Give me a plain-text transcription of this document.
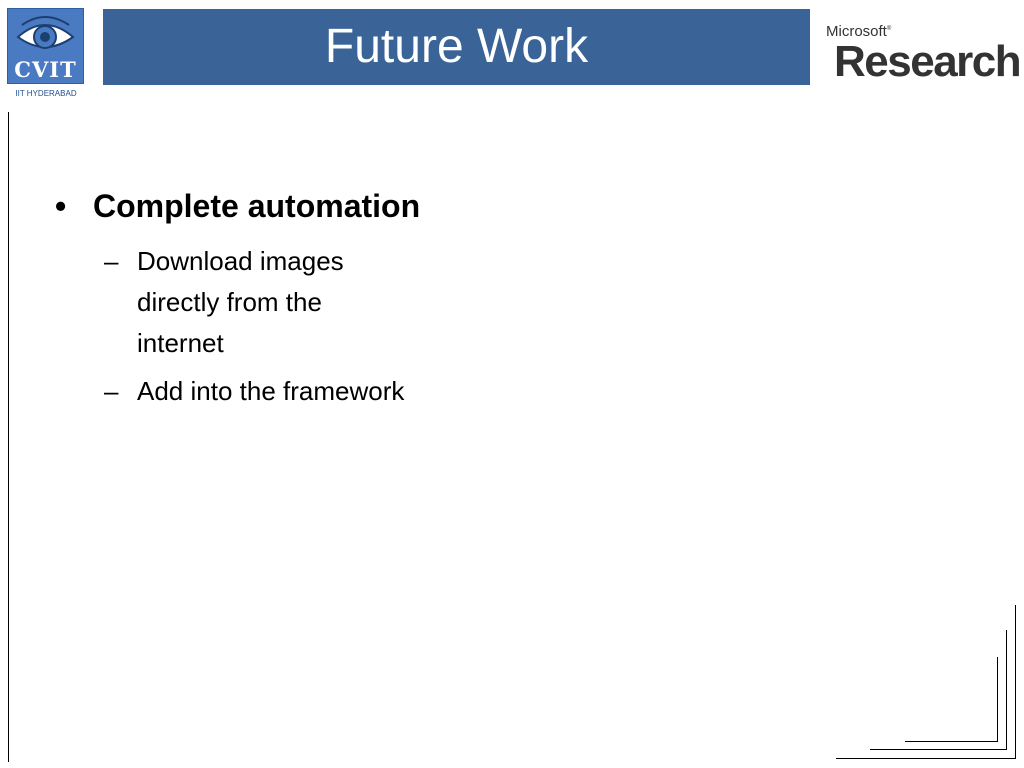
CVIT
IIT HYDERABAD
Future Work	Microsoft®
Research
• Complete automation
– Download images
directly from the
internet
– Add into the framework
